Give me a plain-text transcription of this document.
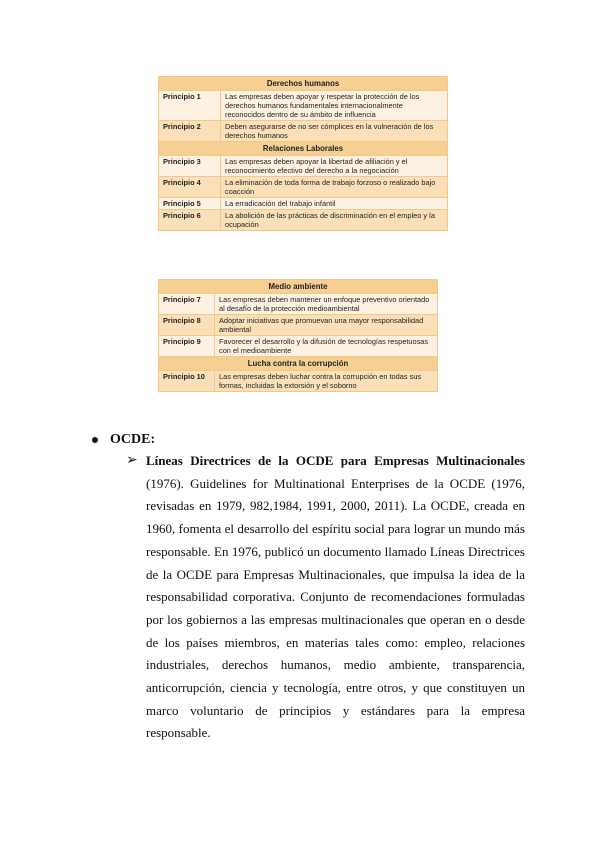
Derechos humanos	
Principio 1	Las empresas deben apoyar y respetar la protección de los derechos humanos fundamentales internacionalmente reconocidos dentro de su ámbito de influencia
Principio 2	Deben asegurarse de no ser cómplices en la vulneración de los derechos humanos
Relaciones Laborales	
Principio 3	Las empresas deben apoyar la libertad de afiliación y el reconocimiento efectivo del derecho a la negociación
Principio 4	La eliminación de toda forma de trabajo forzoso o realizado bajo coacción
Principio 5	La erradicación del trabajo infantil
Principio 6	La abolición de las prácticas de discriminación en el empleo y la ocupación
Medio ambiente	
Principio 7	Las empresas deben mantener un enfoque preventivo orientado al desafío de la protección medioambiental
Principio 8	Adoptar iniciativas que promuevan una mayor responsabilidad ambiental
Principio 9	Favorecer el desarrollo y la difusión de tecnologías respetuosas con el medioambiente
Lucha contra la corrupción	
Principio 10	Las empresas deben luchar contra la corrupción en todas sus formas, incluidas la extorsión y el soborno
OCDE:
➢ Líneas Directrices de la OCDE para Empresas Multinacionales (1976). Guidelines for Multinational Enterprises de la OCDE (1976, revisadas en 1979, 982,1984, 1991, 2000, 2011). La OCDE, creada en 1960, fomenta el desarrollo del espíritu social para lograr un mundo más responsable. En 1976, publicó un documento llamado Líneas Directrices de la OCDE para Empresas Multinacionales, que impulsa la idea de la responsabilidad corporativa. Conjunto de recomendaciones formuladas por los gobiernos a las empresas multinacionales que operan en o desde de los países miembros, en materias tales como: empleo, relaciones industriales, derechos humanos, medio ambiente, transparencia, anticorrupción, ciencia y tecnología, entre otros, y que constituyen un marco voluntario de principios y estándares para la empresa responsable.
